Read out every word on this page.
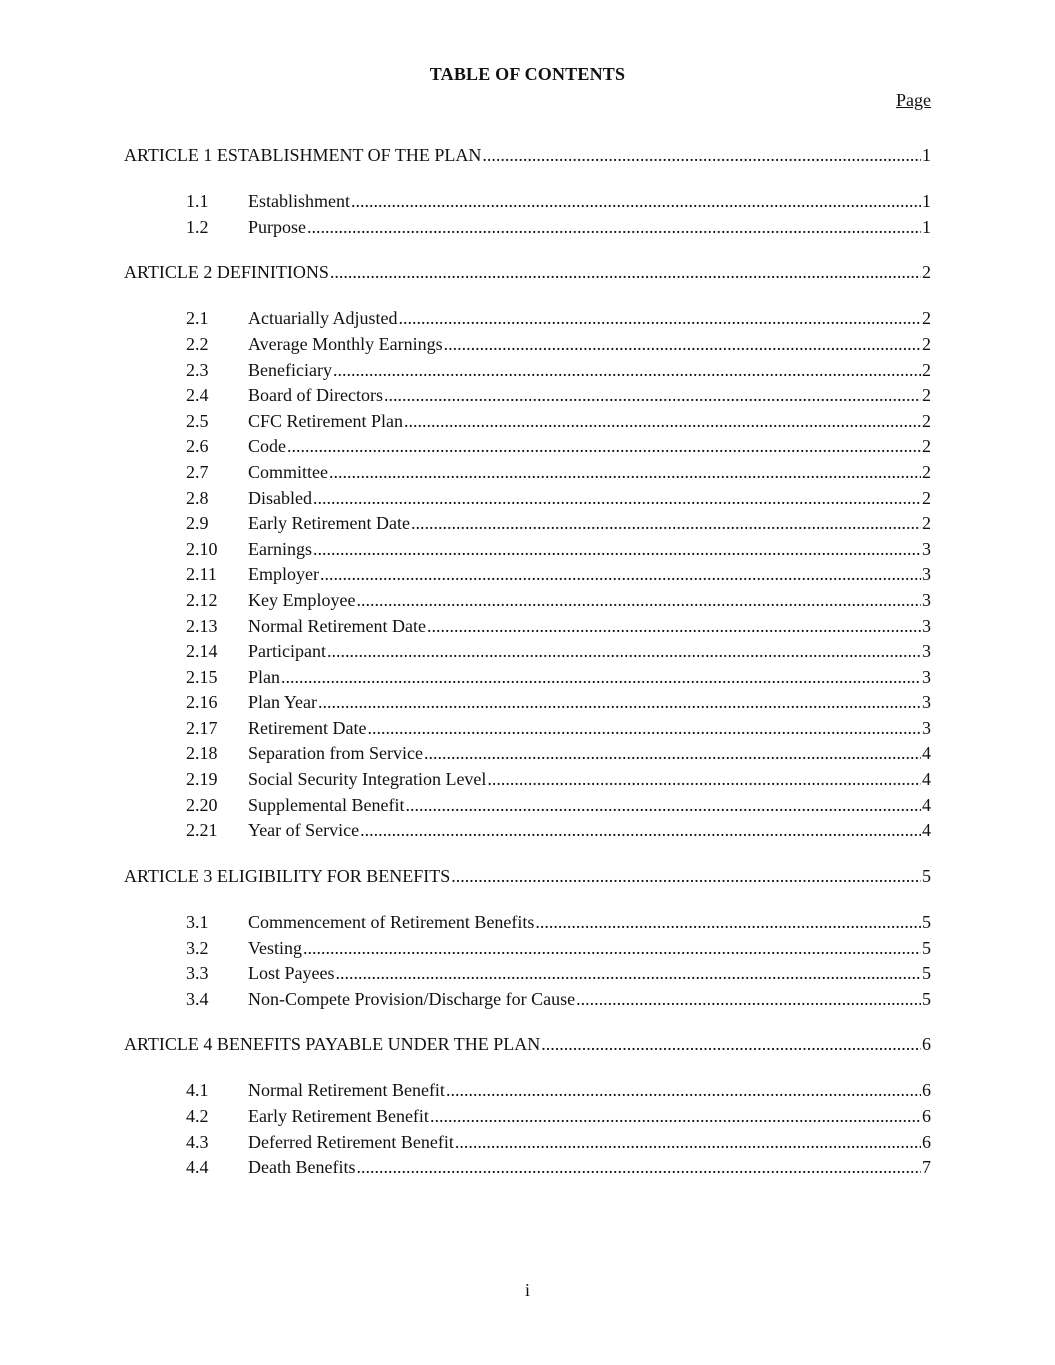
TABLE OF CONTENTS
Page
ARTICLE 1 ESTABLISHMENT OF THE PLAN .....	1
1.1	Establishment .....	1
1.2	Purpose .....	1
ARTICLE 2 DEFINITIONS .....	2
2.1	Actuarially Adjusted .....	2
2.2	Average Monthly Earnings .....	2
2.3	Beneficiary .....	2
2.4	Board of Directors .....	2
2.5	CFC Retirement Plan .....	2
2.6	Code .....	2
2.7	Committee .....	2
2.8	Disabled .....	2
2.9	Early Retirement Date .....	2
2.10	Earnings .....	3
2.11	Employer .....	3
2.12	Key Employee .....	3
2.13	Normal Retirement Date .....	3
2.14	Participant .....	3
2.15	Plan .....	3
2.16	Plan Year .....	3
2.17	Retirement Date .....	3
2.18	Separation from Service .....	4
2.19	Social Security Integration Level .....	4
2.20	Supplemental Benefit .....	4
2.21	Year of Service .....	4
ARTICLE 3 ELIGIBILITY FOR BENEFITS .....	5
3.1	Commencement of Retirement Benefits .....	5
3.2	Vesting .....	5
3.3	Lost Payees .....	5
3.4	Non-Compete Provision/Discharge for Cause .....	5
ARTICLE 4 BENEFITS PAYABLE UNDER THE PLAN .....	6
4.1	Normal Retirement Benefit .....	6
4.2	Early Retirement Benefit .....	6
4.3	Deferred Retirement Benefit .....	6
4.4	Death Benefits .....	7
i
